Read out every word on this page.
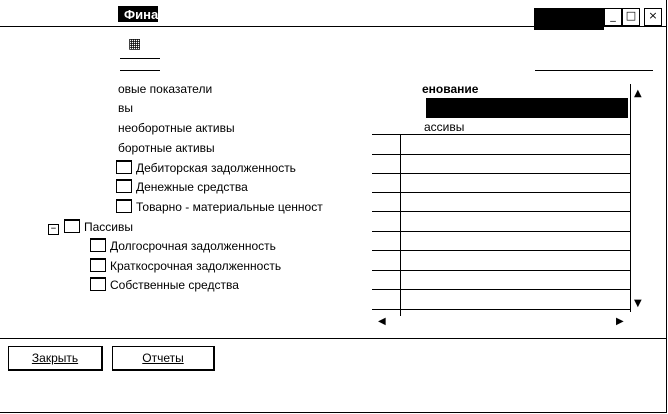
Фина	_ □	×
▦
овые показатели
вы
необоротные активы
боротные активы
Дебиторская задолженность
Денежные средства
Товарно - материальные ценност
− Пассивы
Долгосрочная задолженность
Краткосрочная задолженность
Собственные средства
енование
ассивы
▲
▼
◀	▶
Закрыть	Отчеты
